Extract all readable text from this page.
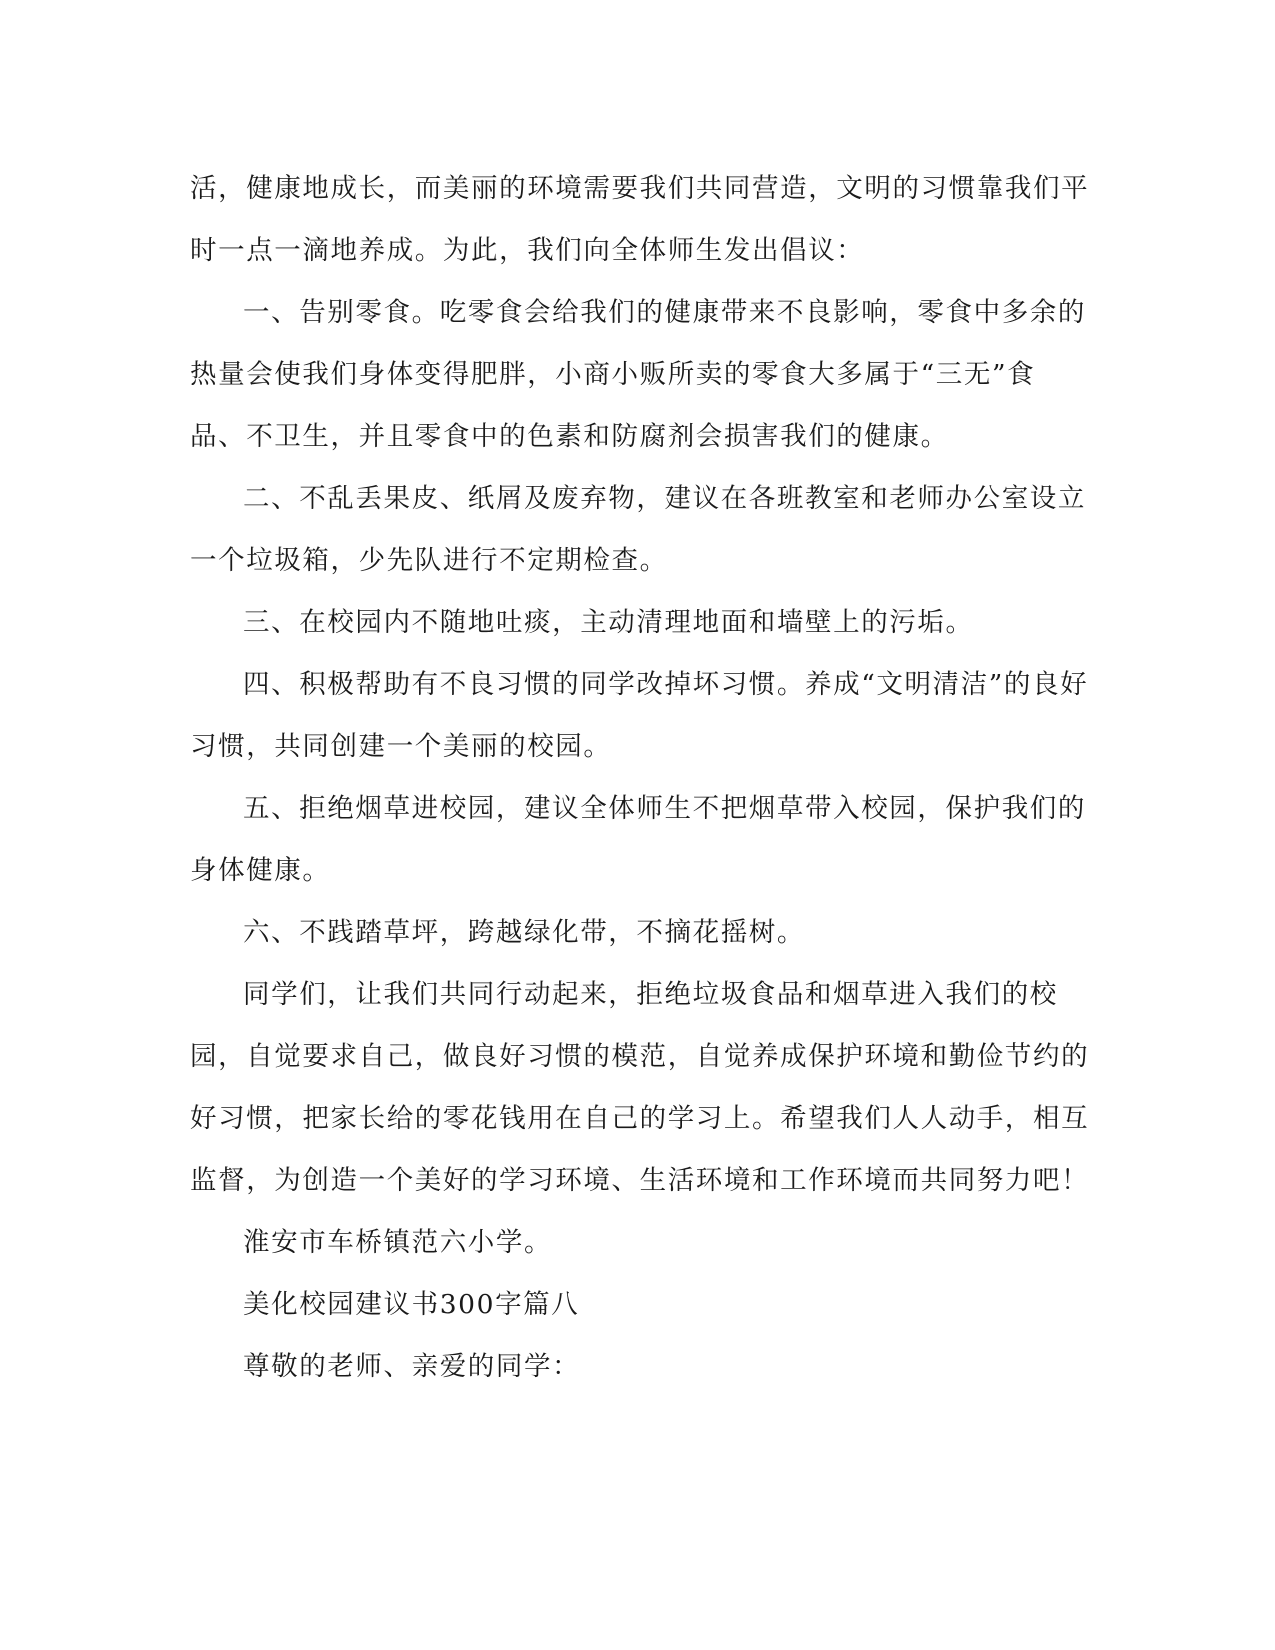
活，健康地成长，而美丽的环境需要我们共同营造，文明的习惯靠我们平时一点一滴地养成。为此，我们向全体师生发出倡议：

一、告别零食。吃零食会给我们的健康带来不良影响，零食中多余的热量会使我们身体变得肥胖，小商小贩所卖的零食大多属于“三无”食品、不卫生，并且零食中的色素和防腐剂会损害我们的健康。

二、不乱丢果皮、纸屑及废弃物，建议在各班教室和老师办公室设立一个垃圾箱，少先队进行不定期检查。

三、在校园内不随地吐痰，主动清理地面和墙壁上的污垢。

四、积极帮助有不良习惯的同学改掉坏习惯。养成“文明清洁”的良好习惯，共同创建一个美丽的校园。

五、拒绝烟草进校园，建议全体师生不把烟草带入校园，保护我们的身体健康。

六、不践踏草坪，跨越绿化带，不摘花摇树。

同学们，让我们共同行动起来，拒绝垃圾食品和烟草进入我们的校园，自觉要求自己，做良好习惯的模范，自觉养成保护环境和勤俭节约的好习惯，把家长给的零花钱用在自己的学习上。希望我们人人动手，相互监督，为创造一个美好的学习环境、生活环境和工作环境而共同努力吧！

淮安市车桥镇范六小学。

美化校园建议书300字篇八

尊敬的老师、亲爱的同学：
